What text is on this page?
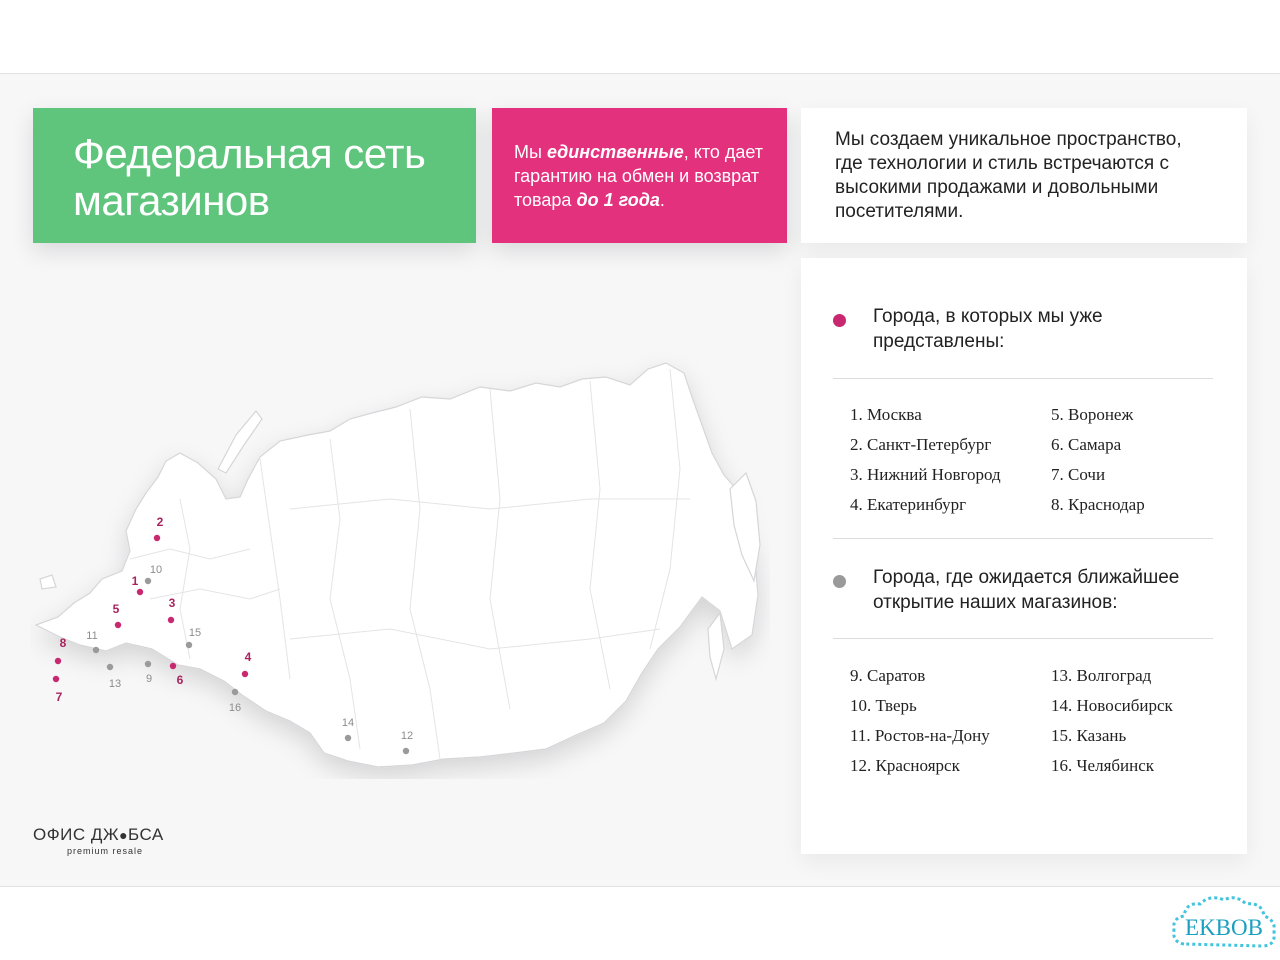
Федеральная сеть
магазинов
Мы единственные, кто дает гарантию на обмен и возврат товара до 1 года.
Мы создаем уникальное пространство, где технологии и стиль встречаются с высокими продажами и довольными посетителями.
Города, в которых мы уже представлены:
1. Москва	5. Воронеж
2. Санкт-Петербург	6. Самара
3. Нижний Новгород	7. Сочи
4. Екатеринбург	8. Краснодар
Города, где ожидается ближайшее открытие наших магазинов:
9. Саратов	13. Волгоград
10. Тверь	14. Новосибирск
11. Ростов-на-Дону	15. Казань
12. Красноярск	16. Челябинск
1
2
3
4
5
6
7
8
9
10
11
12
13
14
15
16
ОФИС ДЖ●БСА
premium resale
EKBOB
